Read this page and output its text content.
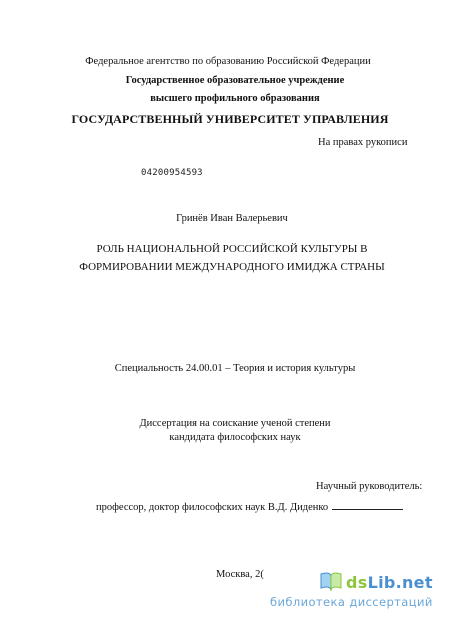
Федеральное агентство по образованию Российской Федерации
Государственное образовательное учреждение
высшего профильного образования
ГОСУДАРСТВЕННЫЙ УНИВЕРСИТЕТ УПРАВЛЕНИЯ
На правах рукописи
04200954593
Гринёв Иван Валерьевич
РОЛЬ НАЦИОНАЛЬНОЙ РОССИЙСКОЙ КУЛЬТУРЫ В
ФОРМИРОВАНИИ МЕЖДУНАРОДНОГО ИМИДЖА СТРАНЫ
Специальность 24.00.01 – Теория и история культуры
Диссертация на соискание ученой степени
кандидата философских наук
Научный руководитель:
профессор, доктор философских наук В.Д. Диденко
Москва, 2(	dsLib.net
библиотека диссертаций
